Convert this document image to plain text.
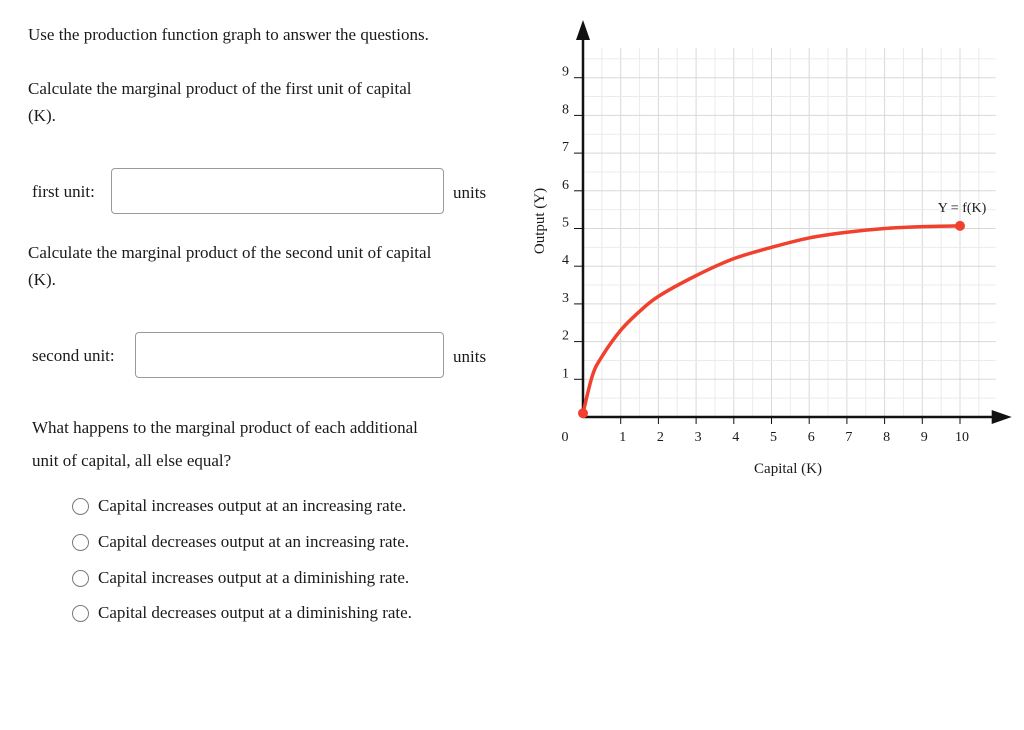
Use the production function graph to answer the questions.
Calculate the marginal product of the first unit of capital
(K).
first unit:	units
Calculate the marginal product of the second unit of capital
(K).
second unit:	units
What happens to the marginal product of each additional
unit of capital, all else equal?
Capital increases output at an increasing rate.
Capital decreases output at an increasing rate.
Capital increases output at a diminishing rate.
Capital decreases output at a diminishing rate.
0	1 2 3 4 5 6 7 8 9 10
1
2
3
4
5
6
7
8
9
Y = f(K)
Capital (K)
Output (Y)
